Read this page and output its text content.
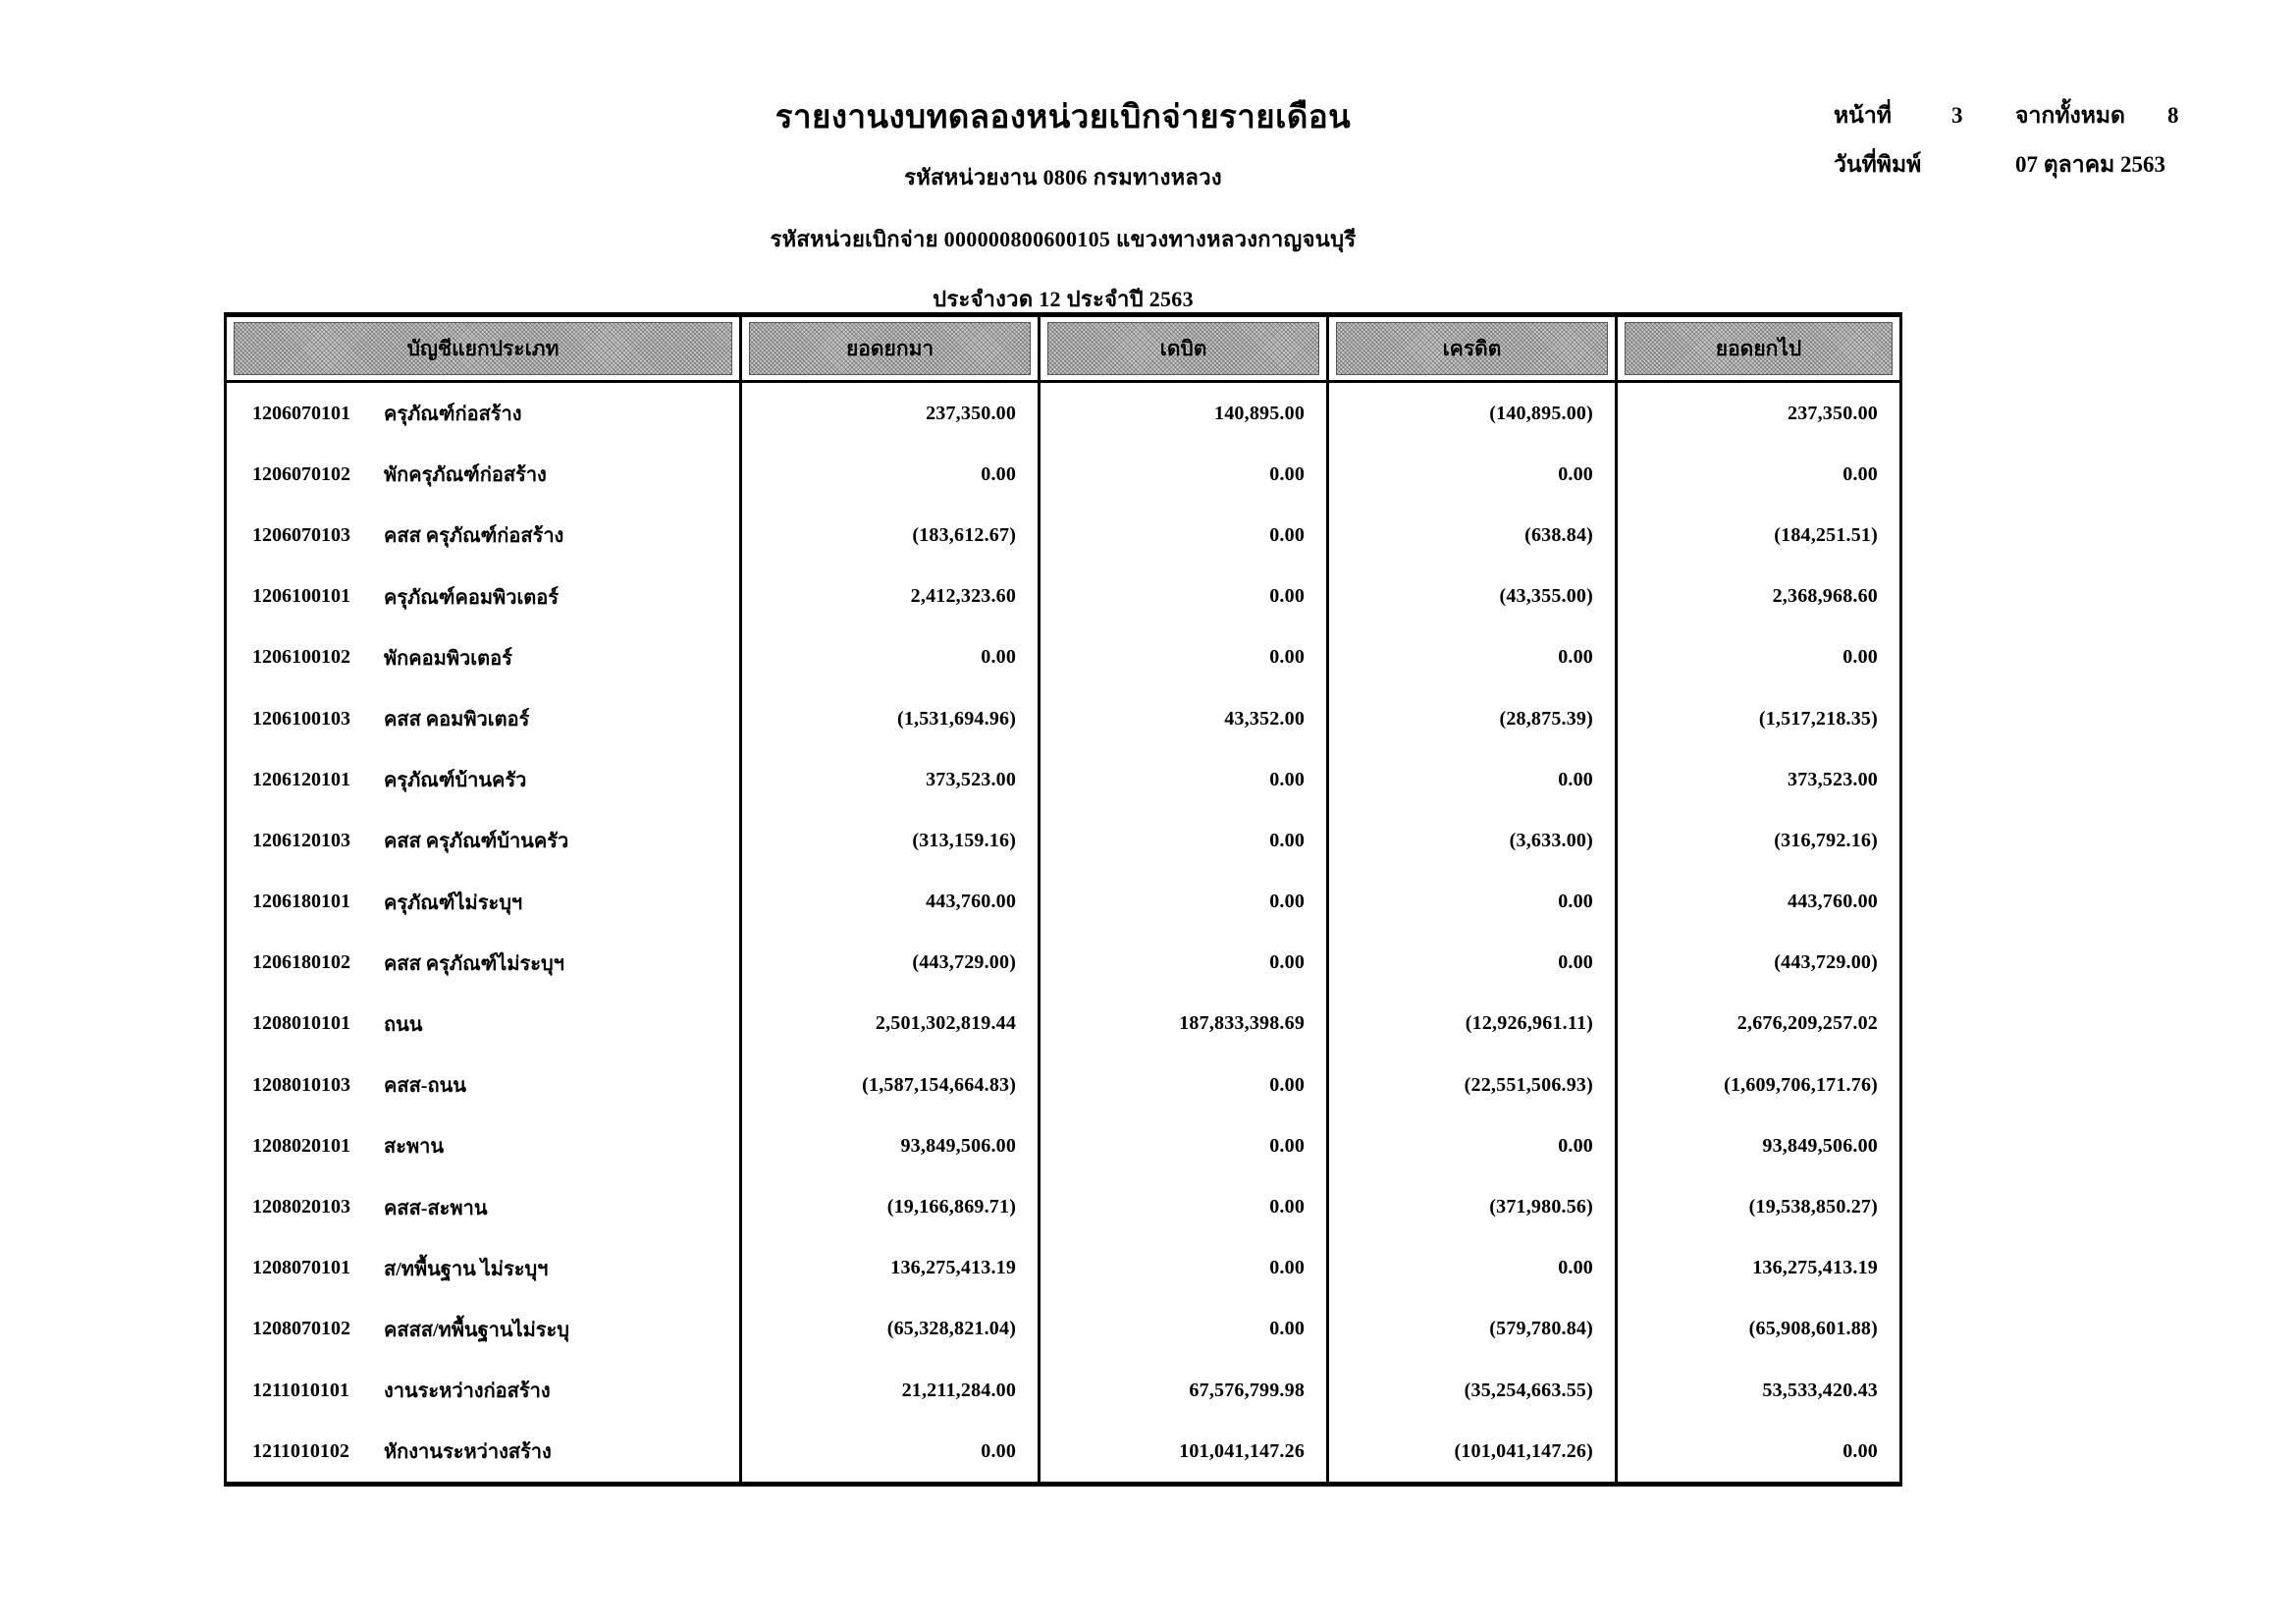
รายงานงบทดลองหน่วยเบิกจ่ายรายเดือน
รหัสหน่วยงาน 0806 กรมทางหลวง
รหัสหน่วยเบิกจ่าย 000000800600105 แขวงทางหลวงกาญจนบุรี
ประจำงวด 12 ประจำปี 2563
หน้าที่	3	จากทั้งหมด	8
วันที่พิมพ์	07 ตุลาคม 2563
บัญชีแยกประเภท	ยอดยกมา	เดบิต	เครดิต	ยอดยกไป
1206070101	ครุภัณฑ์ก่อสร้าง	237,350.00	140,895.00	(140,895.00)	237,350.00
1206070102	พักครุภัณฑ์ก่อสร้าง	0.00	0.00	0.00	0.00
1206070103	คสส ครุภัณฑ์ก่อสร้าง	(183,612.67)	0.00	(638.84)	(184,251.51)
1206100101	ครุภัณฑ์คอมพิวเตอร์	2,412,323.60	0.00	(43,355.00)	2,368,968.60
1206100102	พักคอมพิวเตอร์	0.00	0.00	0.00	0.00
1206100103	คสส คอมพิวเตอร์	(1,531,694.96)	43,352.00	(28,875.39)	(1,517,218.35)
1206120101	ครุภัณฑ์บ้านครัว	373,523.00	0.00	0.00	373,523.00
1206120103	คสส ครุภัณฑ์บ้านครัว	(313,159.16)	0.00	(3,633.00)	(316,792.16)
1206180101	ครุภัณฑ์ไม่ระบุฯ	443,760.00	0.00	0.00	443,760.00
1206180102	คสส ครุภัณฑ์ไม่ระบุฯ	(443,729.00)	0.00	0.00	(443,729.00)
1208010101	ถนน	2,501,302,819.44	187,833,398.69	(12,926,961.11)	2,676,209,257.02
1208010103	คสส-ถนน	(1,587,154,664.83)	0.00	(22,551,506.93)	(1,609,706,171.76)
1208020101	สะพาน	93,849,506.00	0.00	0.00	93,849,506.00
1208020103	คสส-สะพาน	(19,166,869.71)	0.00	(371,980.56)	(19,538,850.27)
1208070101	ส/ทพื้นฐาน ไม่ระบุฯ	136,275,413.19	0.00	0.00	136,275,413.19
1208070102	คสสส/ทพื้นฐานไม่ระบุ	(65,328,821.04)	0.00	(579,780.84)	(65,908,601.88)
1211010101	งานระหว่างก่อสร้าง	21,211,284.00	67,576,799.98	(35,254,663.55)	53,533,420.43
1211010102	หักงานระหว่างสร้าง	0.00	101,041,147.26	(101,041,147.26)	0.00
